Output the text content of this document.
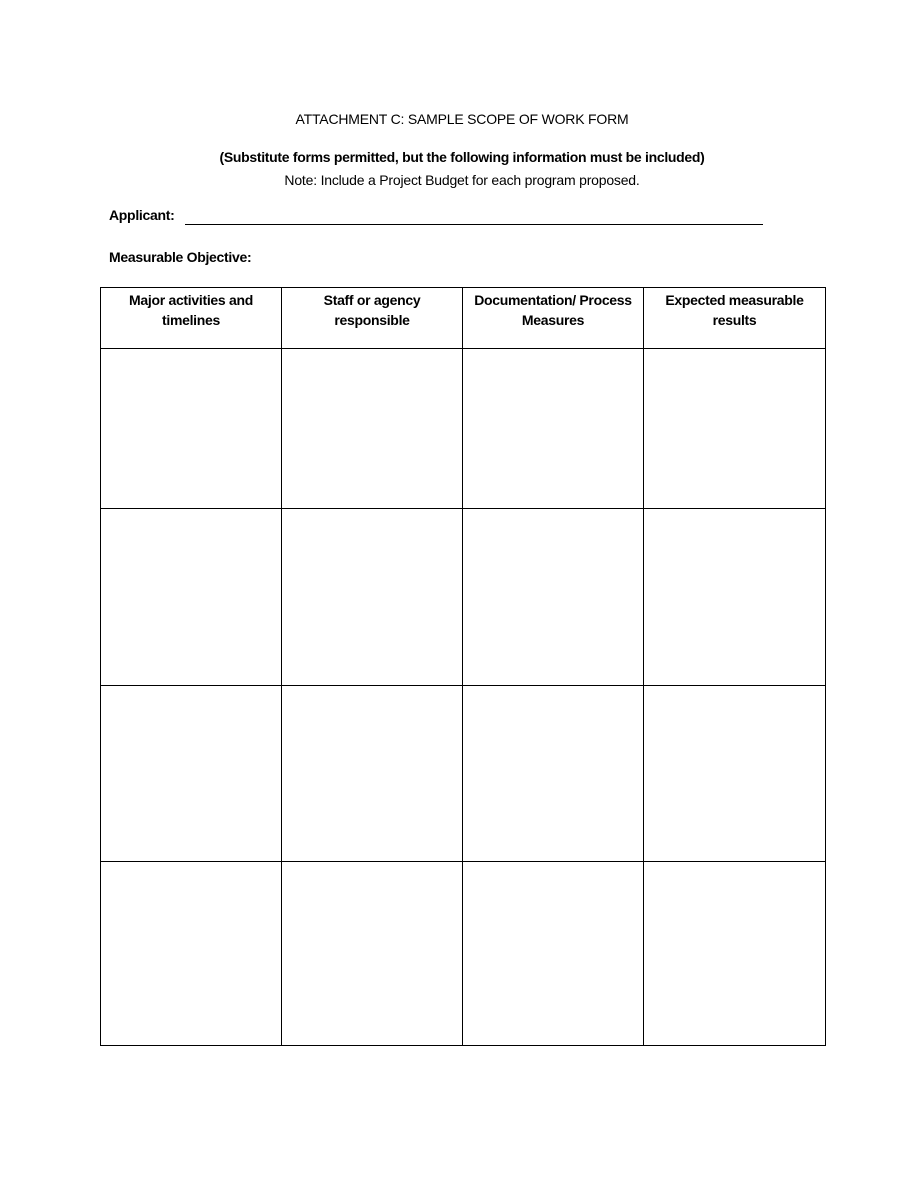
ATTACHMENT C: SAMPLE SCOPE OF WORK FORM
(Substitute forms permitted, but the following information must be included)
Note: Include a Project Budget for each program proposed.
Applicant:
Measurable Objective:
Major activities and timelines	Staff or agency responsible	Documentation/ Process Measures	Expected measurable results
